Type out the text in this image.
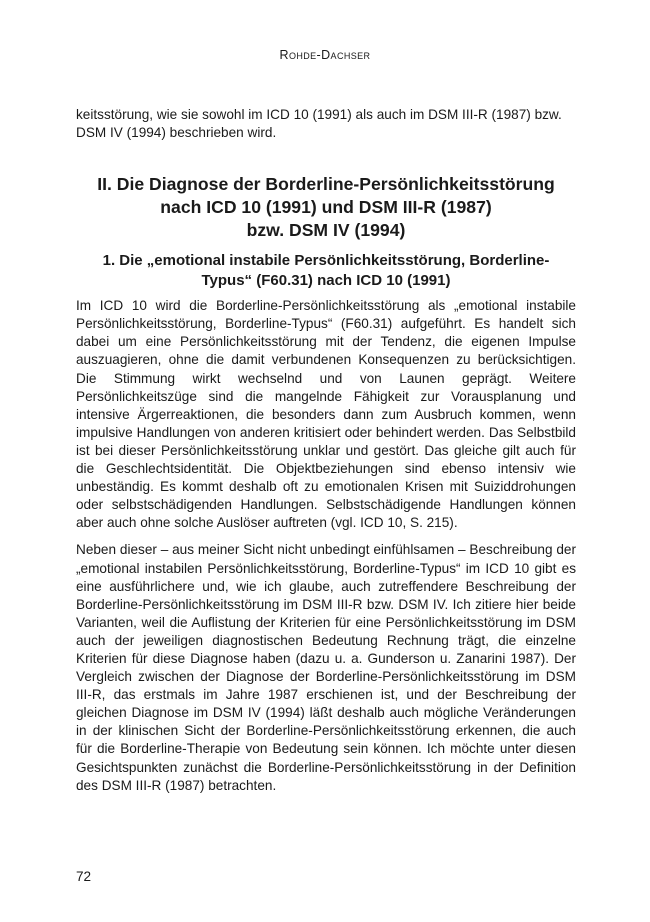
Rohde-Dachser

keitsstörung, wie sie sowohl im ICD 10 (1991) als auch im DSM III-R (1987) bzw. DSM IV (1994) beschrieben wird.

II. Die Diagnose der Borderline-Persönlichkeitsstörung
nach ICD 10 (1991) und DSM III-R (1987)
bzw. DSM IV (1994)
1. Die „emotional instabile Persönlichkeitsstörung, Borderline-
Typus“ (F60.31) nach ICD 10 (1991)

Im ICD 10 wird die Borderline-Persönlichkeitsstörung als „emotional instabile Persönlichkeitsstörung, Borderline-Typus“ (F60.31) aufgeführt. Es handelt sich dabei um eine Persönlichkeitsstörung mit der Tendenz, die eigenen Impulse auszuagieren, ohne die damit verbundenen Konsequenzen zu berücksichtigen. Die Stimmung wirkt wechselnd und von Launen geprägt. Weitere Persönlichkeitszüge sind die mangelnde Fähigkeit zur Vorausplanung und intensive Ärgerreaktionen, die besonders dann zum Ausbruch kommen, wenn impulsive Handlungen von anderen kritisiert oder behindert werden. Das Selbstbild ist bei dieser Persönlichkeitsstörung unklar und gestört. Das gleiche gilt auch für die Geschlechtsidentität. Die Objektbeziehungen sind ebenso intensiv wie unbeständig. Es kommt deshalb oft zu emotionalen Krisen mit Suiziddrohungen oder selbstschädigenden Handlungen. Selbstschädigende Handlungen können aber auch ohne solche Auslöser auftreten (vgl. ICD 10, S. 215).

Neben dieser – aus meiner Sicht nicht unbedingt einfühlsamen – Beschreibung der „emotional instabilen Persönlichkeitsstörung, Borderline-Typus“ im ICD 10 gibt es eine ausführlichere und, wie ich glaube, auch zutreffendere Beschreibung der Borderline-Persönlichkeitsstörung im DSM III-R bzw. DSM IV. Ich zitiere hier beide Varianten, weil die Auflistung der Kriterien für eine Persönlichkeitsstörung im DSM auch der jeweiligen diagnostischen Bedeutung Rechnung trägt, die einzelne Kriterien für diese Diagnose haben (dazu u. a. Gunderson u. Zanarini 1987). Der Vergleich zwischen der Diagnose der Borderline-Persönlichkeitsstörung im DSM III-R, das erstmals im Jahre 1987 erschienen ist, und der Beschreibung der gleichen Diagnose im DSM IV (1994) läßt deshalb auch mögliche Veränderungen in der klinischen Sicht der Borderline-Persönlichkeitsstörung erkennen, die auch für die Borderline-Therapie von Bedeutung sein können. Ich möchte unter diesen Gesichtspunkten zunächst die Borderline-Persönlichkeitsstörung in der Definition des DSM III-R (1987) betrachten.

72
